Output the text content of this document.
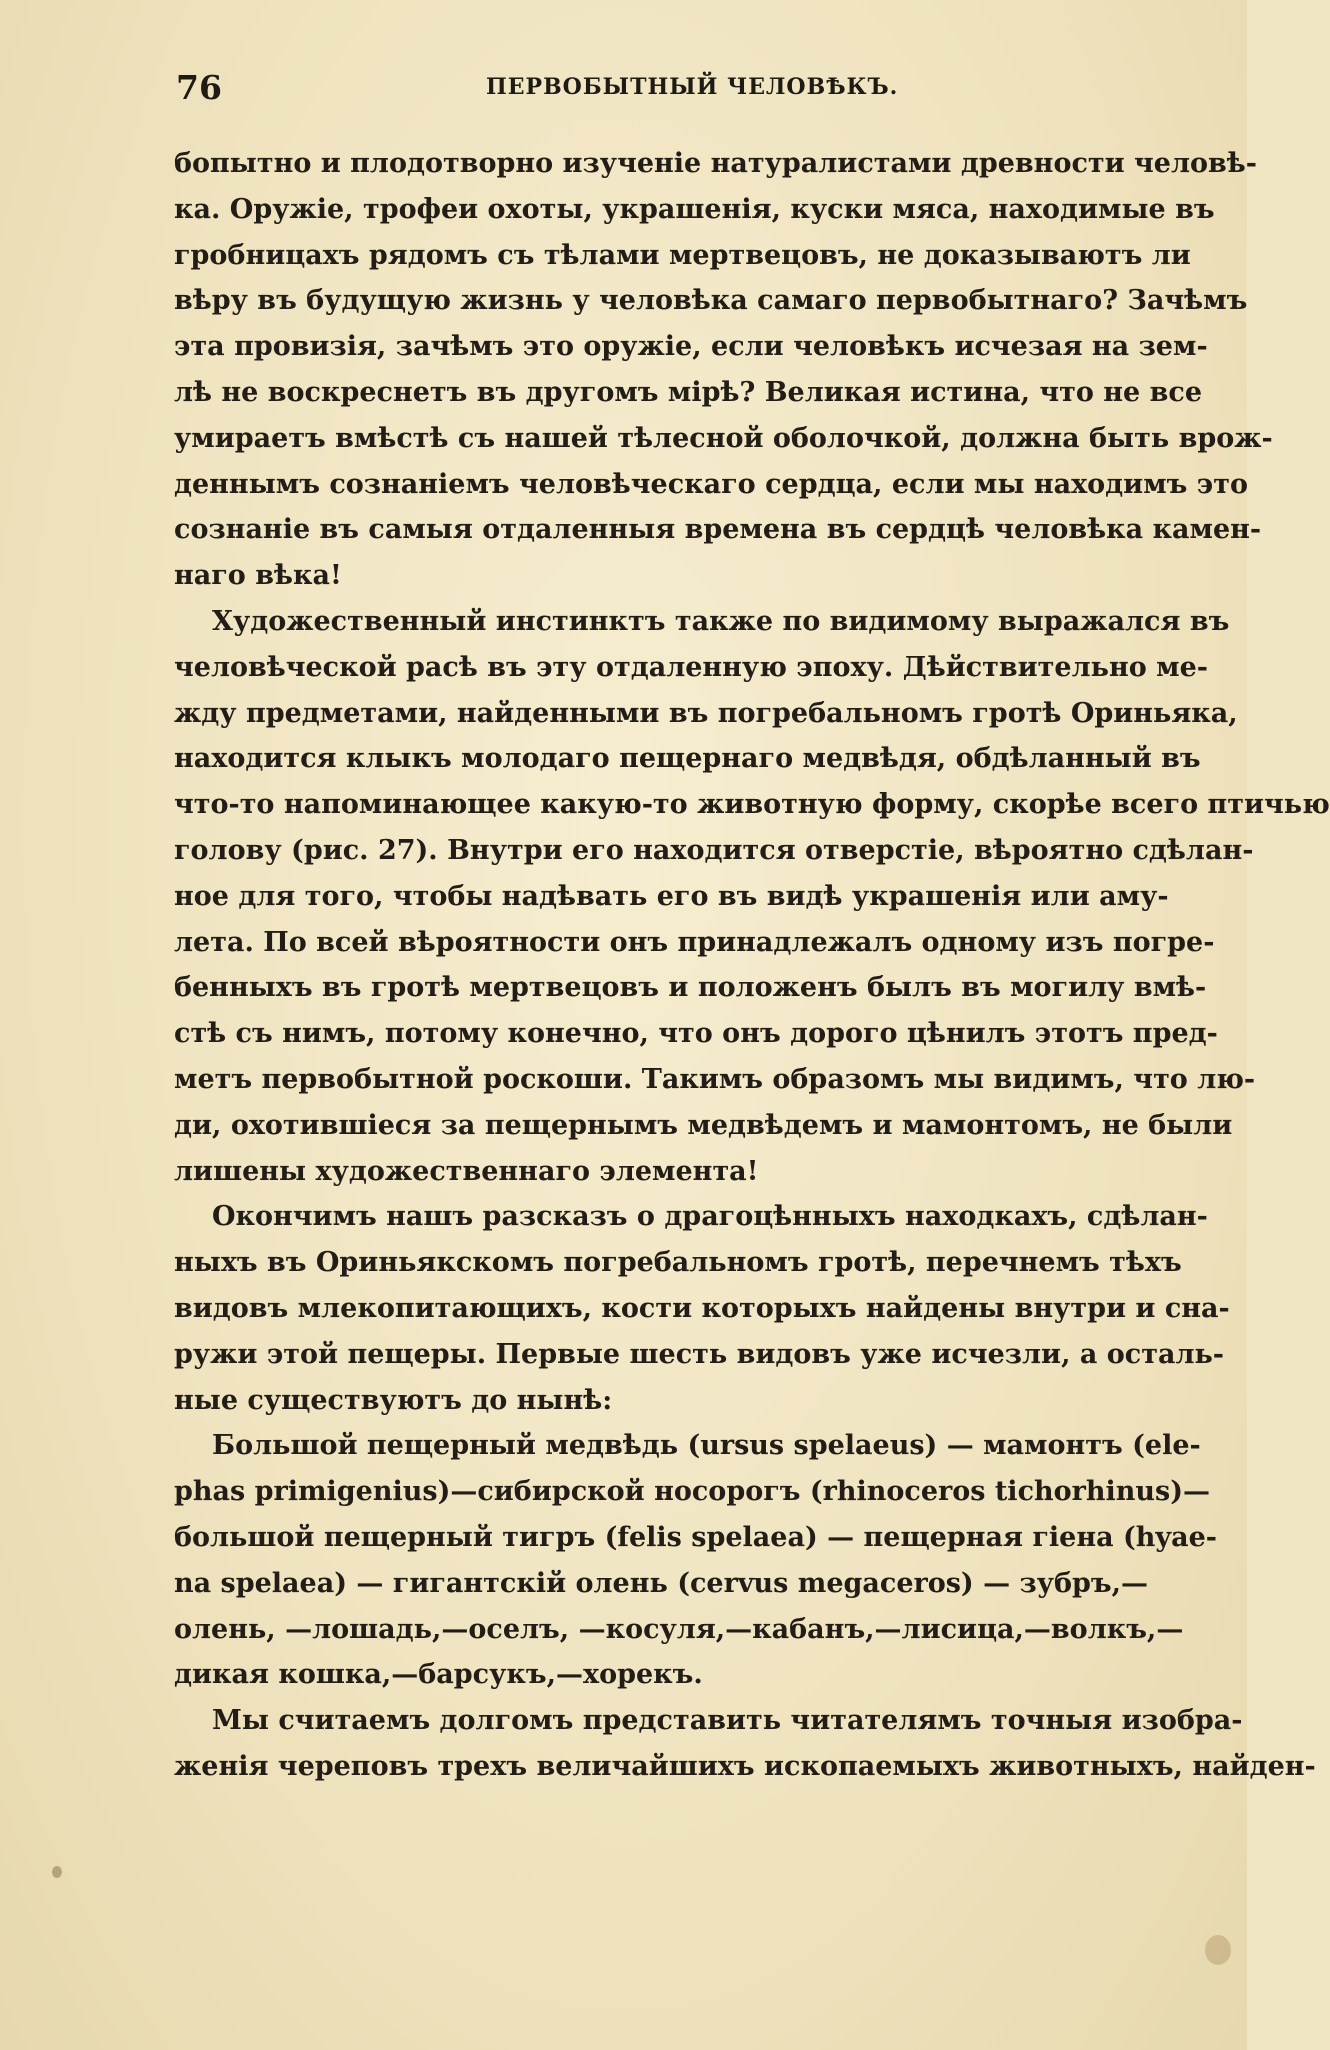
76	ПЕРВОБЫТНЫЙ ЧЕЛОВѢКЪ.
бопытно и плодотворно изученіе натуралистами древности человѣ-
ка. Оружіе, трофеи охоты, украшенія, куски мяса, находимые въ
гробницахъ рядомъ съ тѣлами мертвецовъ, не доказываютъ ли
вѣру въ будущую жизнь у человѣка самаго первобытнаго? Зачѣмъ
эта провизія, зачѣмъ это оружіе, если человѣкъ исчезая на зем-
лѣ не воскреснетъ въ другомъ мірѣ? Великая истина, что не все
умираетъ вмѣстѣ съ нашей тѣлесной оболочкой, должна быть врож-
деннымъ сознаніемъ человѣческаго сердца, если мы находимъ это
сознаніе въ самыя отдаленныя времена въ сердцѣ человѣка камен-
наго вѣка!
Художественный инстинктъ также по видимому выражался въ
человѣческой расѣ въ эту отдаленную эпоху. Дѣйствительно ме-
жду предметами, найденными въ погребальномъ гротѣ Ориньяка,
находится клыкъ молодаго пещернаго медвѣдя, обдѣланный въ
что-то напоминающее какую-то животную форму, скорѣе всего птичью
голову (рис. 27). Внутри его находится отверстіе, вѣроятно сдѣлан-
ное для того, чтобы надѣвать его въ видѣ украшенія или аму-
лета. По всей вѣроятности онъ принадлежалъ одному изъ погре-
бенныхъ въ гротѣ мертвецовъ и положенъ былъ въ могилу вмѣ-
стѣ съ нимъ, потому конечно, что онъ дорого цѣнилъ этотъ пред-
метъ первобытной роскоши. Такимъ образомъ мы видимъ, что лю-
ди, охотившіеся за пещернымъ медвѣдемъ и мамонтомъ, не были
лишены художественнаго элемента!
Окончимъ нашъ разсказъ о драгоцѣнныхъ находкахъ, сдѣлан-
ныхъ въ Ориньякскомъ погребальномъ гротѣ, перечнемъ тѣхъ
видовъ млекопитающихъ, кости которыхъ найдены внутри и сна-
ружи этой пещеры. Первые шесть видовъ уже исчезли, а осталь-
ные существуютъ до нынѣ:
Большой пещерный медвѣдь (ursus spelaeus) — мамонтъ (ele-
phas primigenius)—сибирской носорогъ (rhinoceros tichorhinus)—
большой пещерный тигръ (felis spelaea) — пещерная гіена (hyae-
na spelaea) — гигантскій олень (cervus megaceros) — зубръ,—
олень, —лошадь,—оселъ, —косуля,—кабанъ,—лисица,—волкъ,—
дикая кошка,—барсукъ,—хорекъ.
Мы считаемъ долгомъ представить читателямъ точныя изобра-
женія череповъ трехъ величайшихъ ископаемыхъ животныхъ, найден-
